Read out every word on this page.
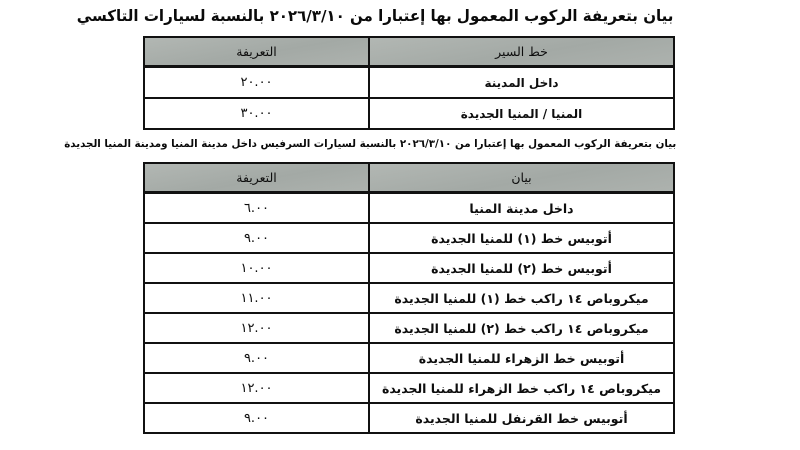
بيان بتعريفة الركوب المعمول بها إعتبارا من ٢٠٢٦/٣/١٠ بالنسبة لسيارات التاكسي
خط السير	التعريفة
داخل المدينة	٢٠.٠٠
المنيا / المنيا الجديدة	٣٠.٠٠
بيان بتعريفة الركوب المعمول بها إعتبارا من ٢٠٢٦/٣/١٠ بالنسبة لسيارات السرفيس داخل مدينة المنيا ومدينة المنيا الجديدة
بيان	التعريفة
داخل مدينة المنيا	٦.٠٠
أتوبيس خط (١) للمنيا الجديدة	٩.٠٠
أتوبيس خط (٢) للمنيا الجديدة	١٠.٠٠
ميكروباص ١٤ راكب خط (١) للمنيا الجديدة	١١.٠٠
ميكروباص ١٤ راكب خط (٢) للمنيا الجديدة	١٢.٠٠
أتوبيس خط الزهراء للمنيا الجديدة	٩.٠٠
ميكروباص ١٤ راكب خط الزهراء للمنيا الجديدة	١٢.٠٠
أتوبيس خط القرنفل للمنيا الجديدة	٩.٠٠
